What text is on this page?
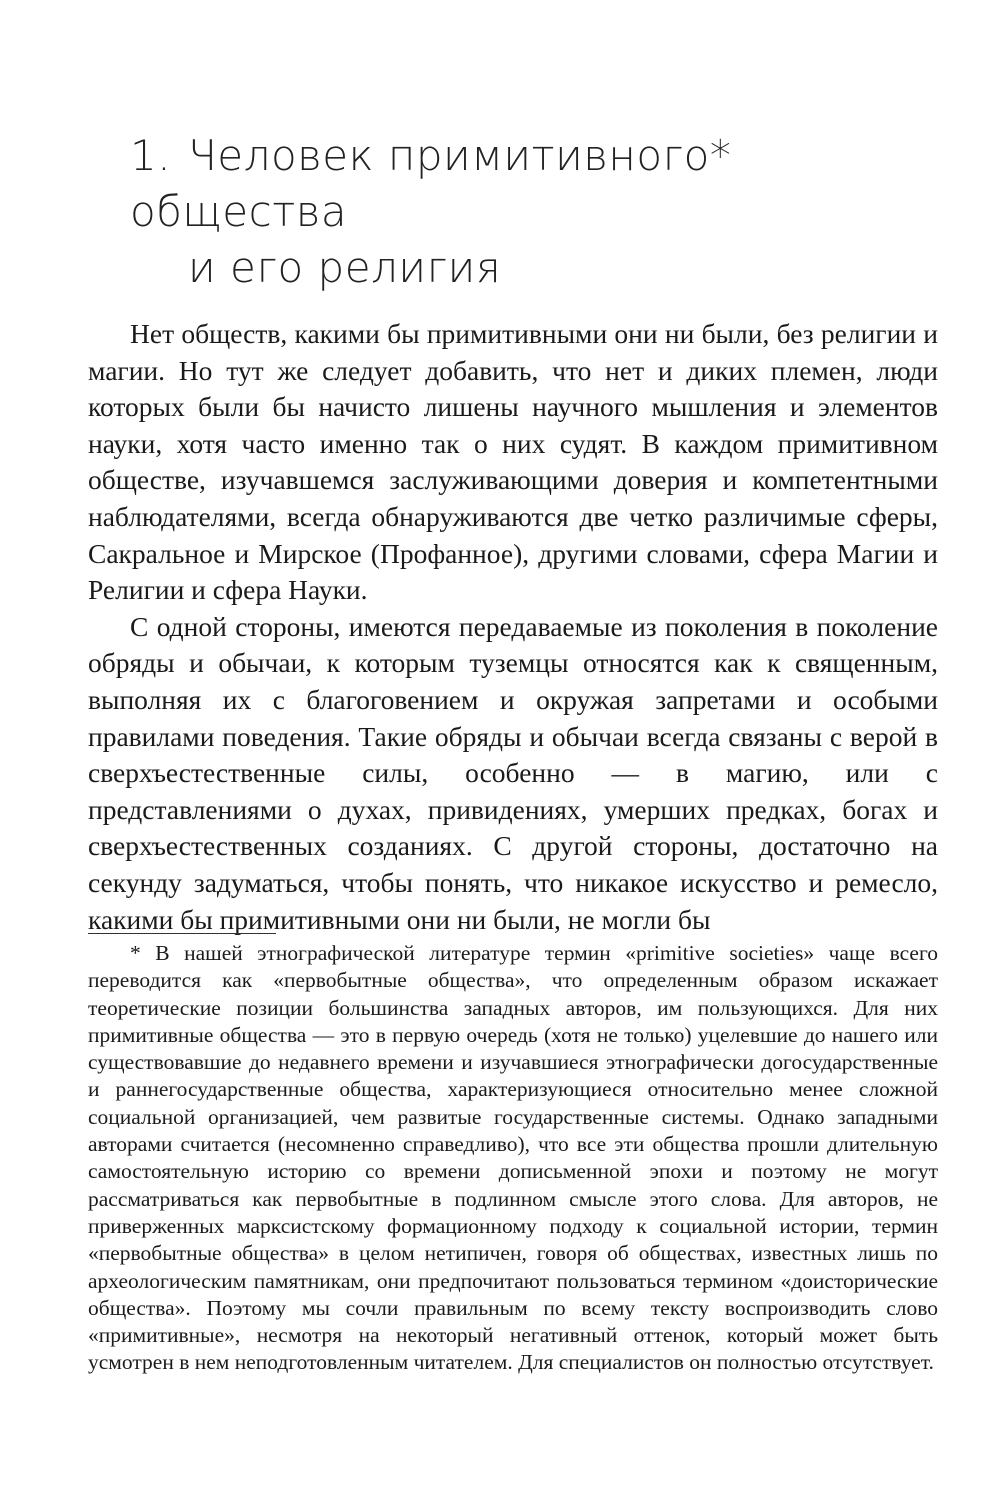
1. Человек примитивного* общества
и его религия

Нет обществ, какими бы примитивными они ни были, без религии и магии. Но тут же следует добавить, что нет и диких племен, люди которых были бы начисто лишены научного мышления и элементов науки, хотя часто именно так о них судят. В каждом примитивном обществе, изучавшемся заслуживающими доверия и компетентными наблюдателями, всегда обнаруживаются две четко различимые сферы, Сакральное и Мирское (Профанное), другими словами, сфера Магии и Религии и сфера Науки.

С одной стороны, имеются передаваемые из поколения в поколение обряды и обычаи, к которым туземцы относятся как к священным, выполняя их с благоговением и окружая запретами и особыми правилами поведения. Такие обряды и обычаи всегда связаны с верой в сверхъестественные силы, особенно — в магию, или с представлениями о духах, привидениях, умерших предках, богах и сверхъестественных созданиях. С другой стороны, достаточно на секунду задуматься, чтобы понять, что никакое искусство и ремесло, какими бы примитивными они ни были, не могли бы

* В нашей этнографической литературе термин «primitive societies» чаще всего переводится как «первобытные общества», что определенным образом искажает теоретические позиции большинства западных авторов, им пользующихся. Для них примитивные общества — это в первую очередь (хотя не только) уцелевшие до нашего или существовавшие до недавнего времени и изучавшиеся этнографически догосударственные и раннегосударственные общества, характеризующиеся относительно менее сложной социальной организацией, чем развитые государственные системы. Однако западными авторами считается (несомненно справедливо), что все эти общества прошли длительную самостоятельную историю со времени дописьменной эпохи и поэтому не могут рассматриваться как первобытные в подлинном смысле этого слова. Для авторов, не приверженных марксистскому формационному подходу к социальной истории, термин «первобытные общества» в целом нетипичен, говоря об обществах, известных лишь по археологическим памятникам, они предпочитают пользоваться термином «доисторические общества». Поэтому мы сочли правильным по всему тексту воспроизводить слово «примитивные», несмотря на некоторый негативный оттенок, который может быть усмотрен в нем неподготовленным читателем. Для специалистов он полностью отсутствует.
